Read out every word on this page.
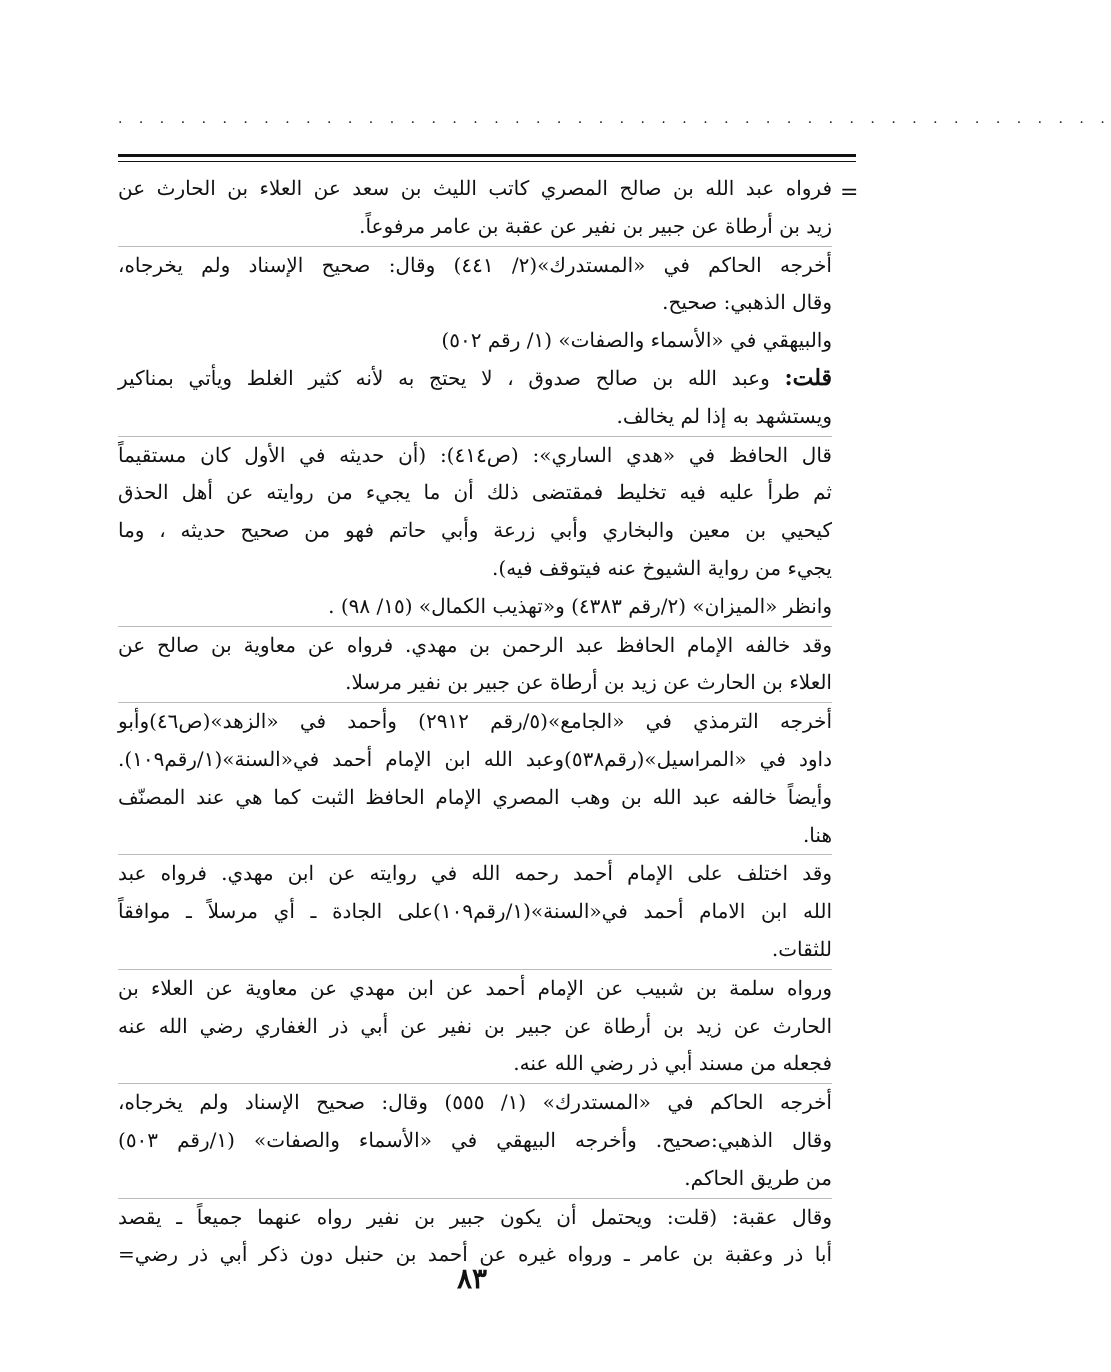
· · · · · · · · · · · · · · · · · · · · · · · · · · · · · · · · · · · · · · · · · · · · · · · ·
=
فرواه عبد الله بن صالح المصري كاتب الليث بن سعد عن العلاء بن الحارث عن
زيد بن أرطاة عن جبير بن نفير عن عقبة بن عامر مرفوعاً.
أخرجه الحاكم في «المستدرك»(٢/ ٤٤١) وقال: صحيح الإسناد ولم يخرجاه،
وقال الذهبي: صحيح.
والبيهقي في «الأسماء والصفات» (١/ رقم ٥٠٢)
قلت: وعبد الله بن صالح صدوق ، لا يحتج به لأنه كثير الغلط ويأتي بمناكير
ويستشهد به إذا لم يخالف.
قال الحافظ في «هدي الساري»: (ص٤١٤): (أن حديثه في الأول كان مستقيماً
ثم طرأ عليه فيه تخليط فمقتضى ذلك أن ما يجيء من روايته عن أهل الحذق
كيحيي بن معين والبخاري وأبي زرعة وأبي حاتم فهو من صحيح حديثه ، وما
يجيء من رواية الشيوخ عنه فيتوقف فيه).
وانظر «الميزان» (٢/رقم ٤٣٨٣) و«تهذيب الكمال» (١٥/ ٩٨) .
وقد خالفه الإمام الحافظ عبد الرحمن بن مهدي. فرواه عن معاوية بن صالح عن
العلاء بن الحارث عن زيد بن أرطاة عن جبير بن نفير مرسلا.
أخرجه الترمذي في «الجامع»(٥/رقم ٢٩١٢) وأحمد في «الزهد»(ص٤٦)وأبو
داود في «المراسيل»(رقم٥٣٨)وعبد الله ابن الإمام أحمد في«السنة»(١/رقم١٠٩).
وأيضاً خالفه عبد الله بن وهب المصري الإمام الحافظ الثبت كما هي عند المصنّف
هنا.
وقد اختلف على الإمام أحمد رحمه الله في روايته عن ابن مهدي. فرواه عبد
الله ابن الامام أحمد في«السنة»(١/رقم١٠٩)على الجادة ـ أي مرسلاً ـ موافقاً
للثقات.
ورواه سلمة بن شبيب عن الإمام أحمد عن ابن مهدي عن معاوية عن العلاء بن
الحارث عن زيد بن أرطاة عن جبير بن نفير عن أبي ذر الغفاري رضي الله عنه
فجعله من مسند أبي ذر رضي الله عنه.
أخرجه الحاكم في «المستدرك» (١/ ٥٥٥) وقال: صحيح الإسناد ولم يخرجاه،
وقال الذهبي:صحيح. وأخرجه البيهقي في «الأسماء والصفات» (١/رقم ٥٠٣)
من طريق الحاكم.
وقال عقبة: (قلت: ويحتمل أن يكون جبير بن نفير رواه عنهما جميعاً ـ يقصد
أبا ذر وعقبة بن عامر ـ ورواه غيره عن أحمد بن حنبل دون ذكر أبي ذر رضي=
٨٣
